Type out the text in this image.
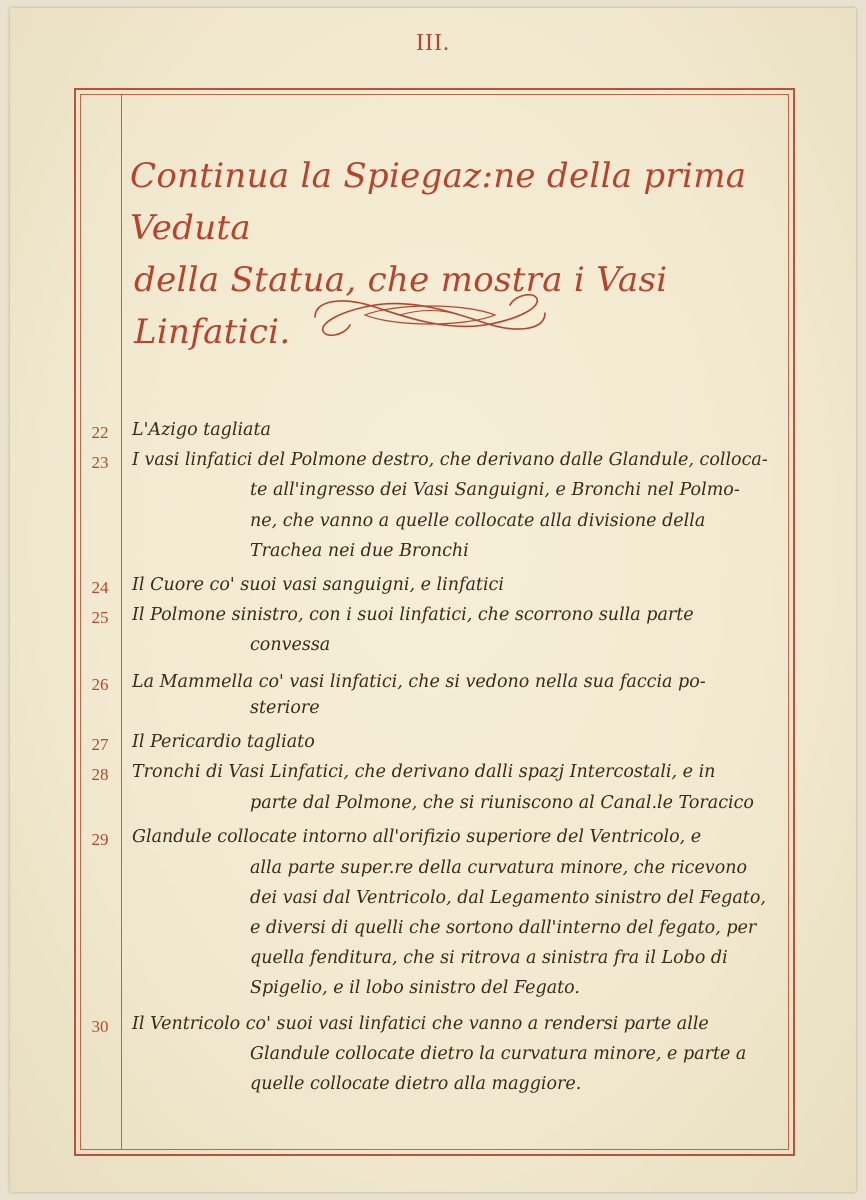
III.
Continua la Spiegaz:ne della prima Veduta
della Statua, che mostra i Vasi Linfatici.
22	L'Azigo tagliata
23	I vasi linfatici del Polmone destro, che derivano dalle Glandule, colloca-
te all'ingresso dei Vasi Sanguigni, e Bronchi nel Polmo-
ne, che vanno a quelle collocate alla divisione della
Trachea nei due Bronchi
24	Il Cuore co' suoi vasi sanguigni, e linfatici
25	Il Polmone sinistro, con i suoi linfatici, che scorrono sulla parte
convessa
26	La Mammella co' vasi linfatici, che si vedono nella sua faccia po-
steriore
27	Il Pericardio tagliato
28	Tronchi di Vasi Linfatici, che derivano dalli spazj Intercostali, e in
parte dal Polmone, che si riuniscono al Canal.le Toracico
29	Glandule collocate intorno all'orifizio superiore del Ventricolo, e
alla parte super.re della curvatura minore, che ricevono
dei vasi dal Ventricolo, dal Legamento sinistro del Fegato,
e diversi di quelli che sortono dall'interno del fegato, per
quella fenditura, che si ritrova a sinistra fra il Lobo di
Spigelio, e il lobo sinistro del Fegato.
30	Il Ventricolo co' suoi vasi linfatici che vanno a rendersi parte alle
Glandule collocate dietro la curvatura minore, e parte a
quelle collocate dietro alla maggiore.
